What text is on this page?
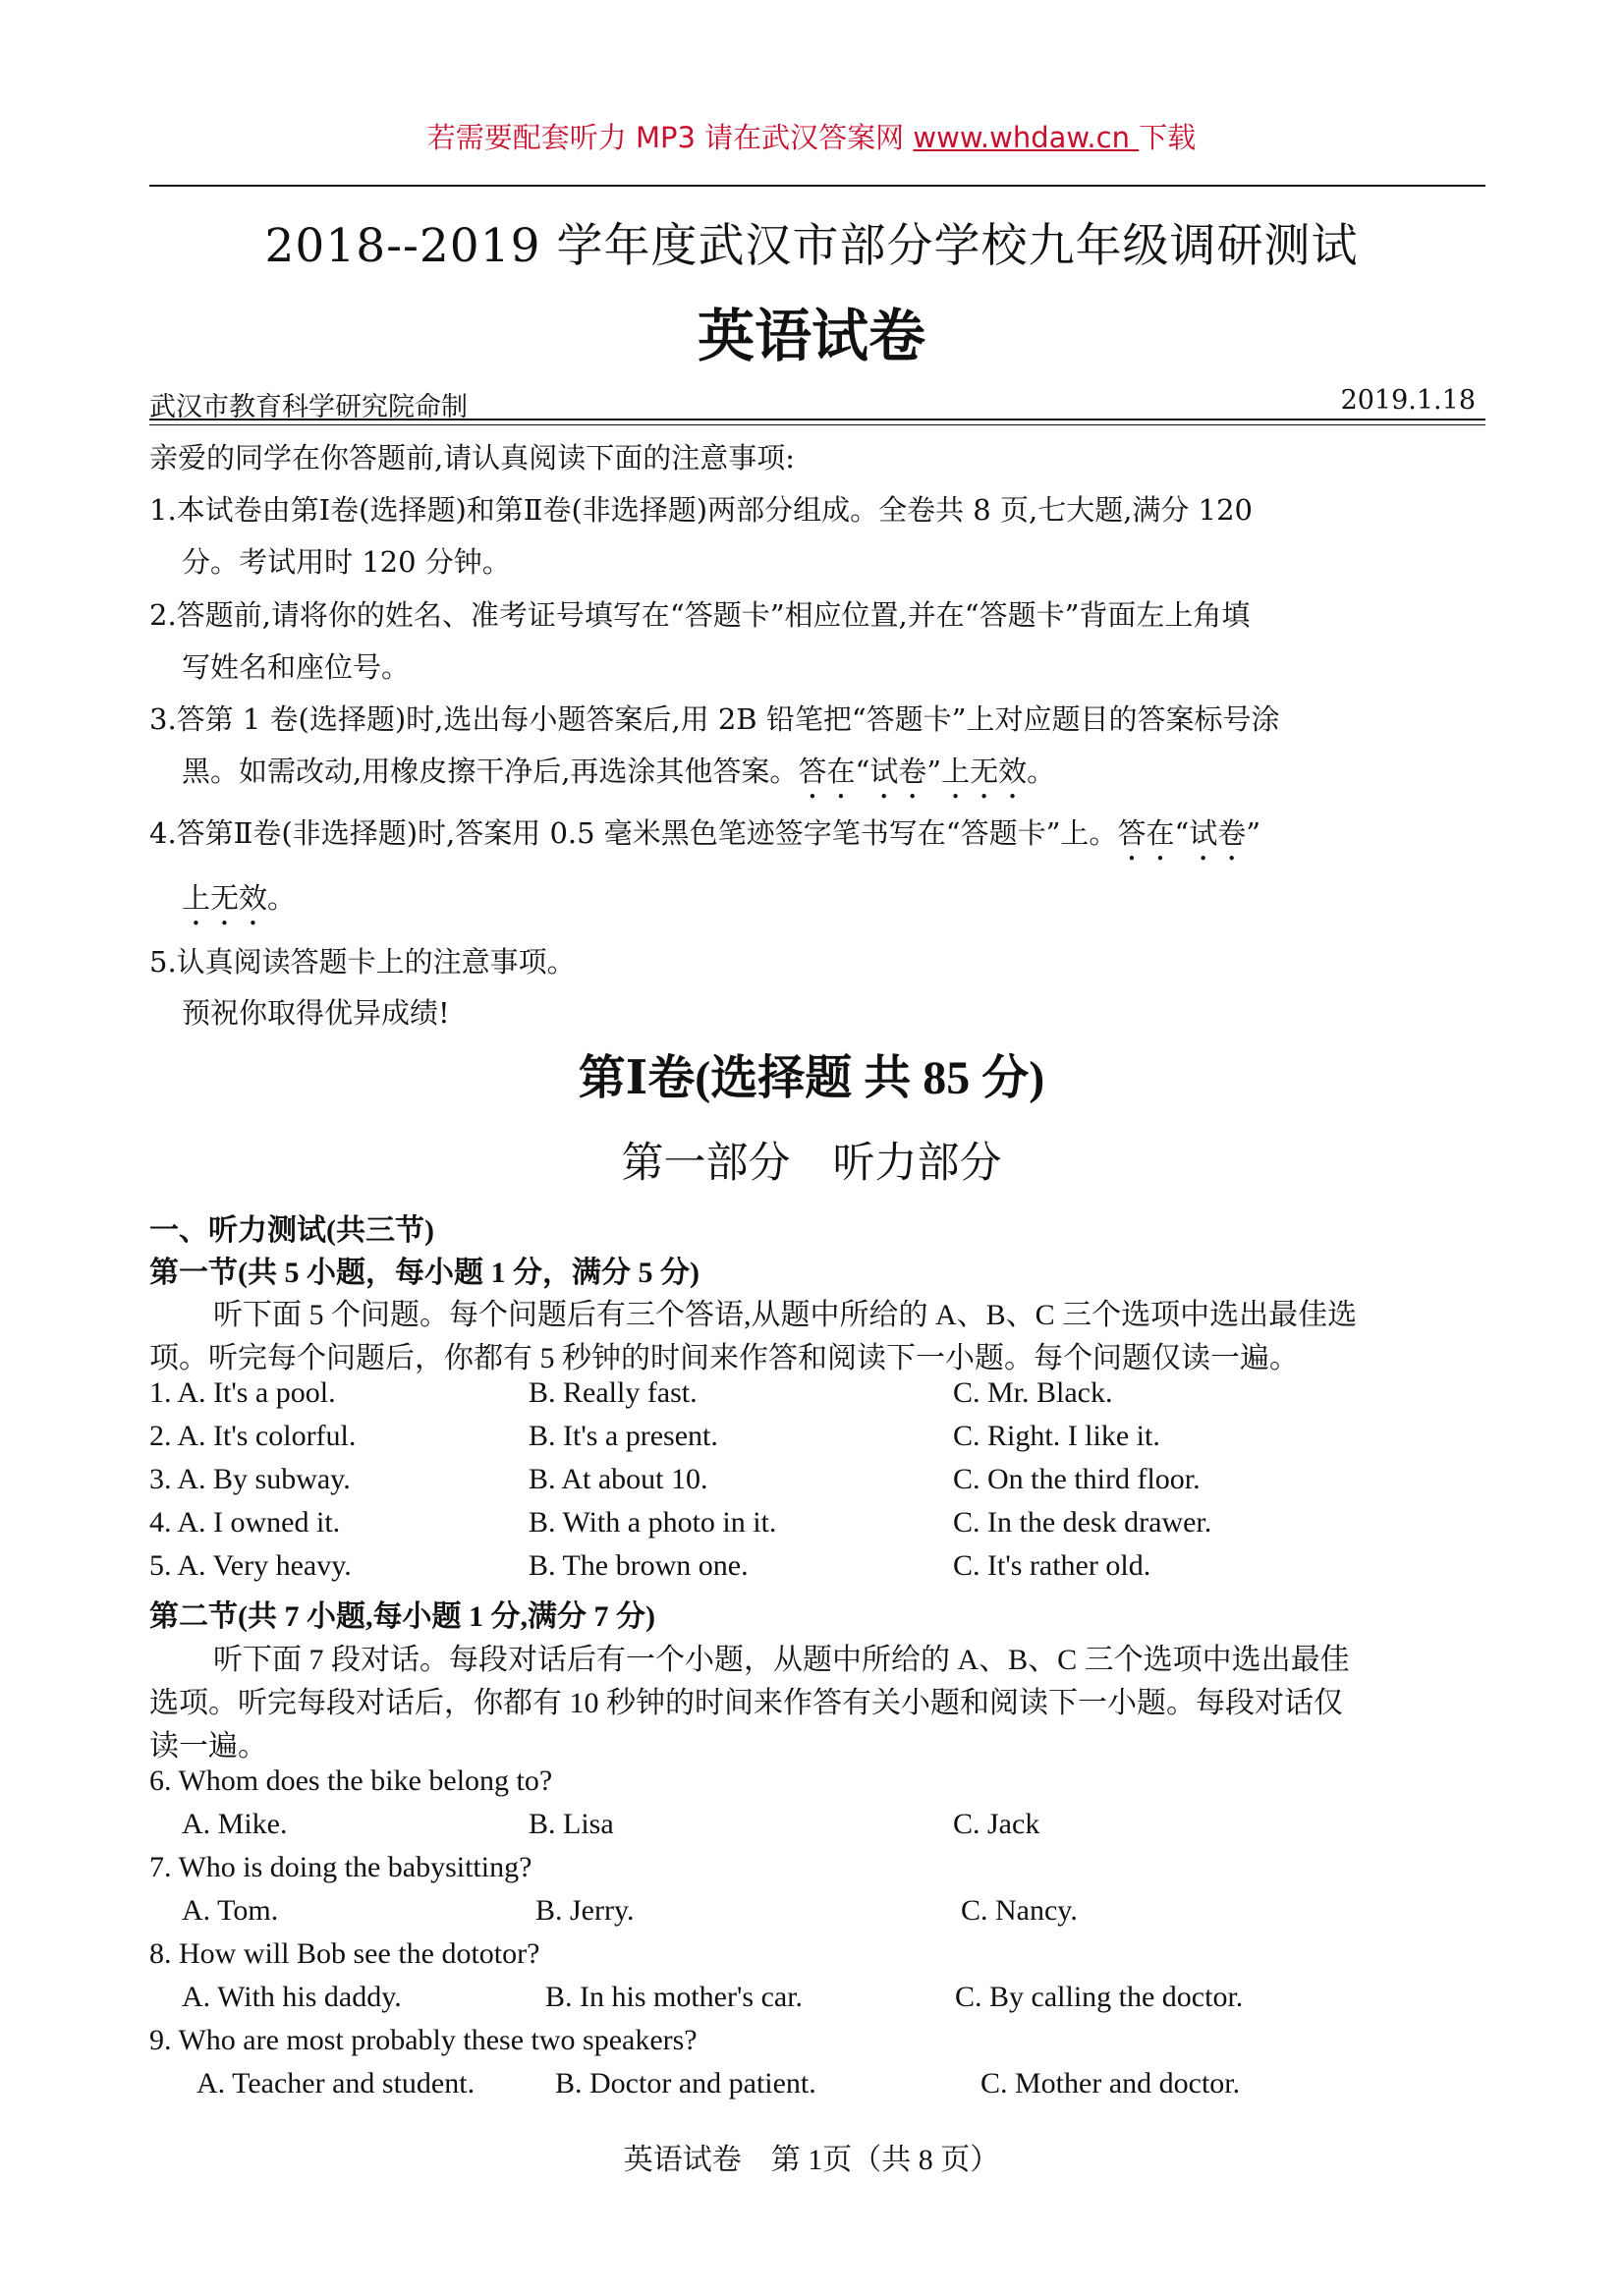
若需要配套听力 MP3 请在武汉答案网 www.whdaw.cn 下载
2018--2019 学年度武汉市部分学校九年级调研测试
英语试卷
武汉市教育科学研究院命制	2019.1.18
亲爱的同学在你答题前,请认真阅读下面的注意事项:
1.本试卷由第Ⅰ卷(选择题)和第Ⅱ卷(非选择题)两部分组成。全卷共 8 页,七大题,满分 120
分。考试用时 120 分钟。
2.答题前,请将你的姓名、准考证号填写在“答题卡”相应位置,并在“答题卡”背面左上角填
写姓名和座位号。
3.答第 1 卷(选择题)时,选出每小题答案后,用 2B 铅笔把“答题卡”上对应题目的答案标号涂
黑。如需改动,用橡皮擦干净后,再选涂其他答案。答在“试卷”上无效。
4.答第Ⅱ卷(非选择题)时,答案用 0.5 毫米黑色笔迹签字笔书写在“答题卡”上。答在“试卷”
上无效。
5.认真阅读答题卡上的注意事项。
预祝你取得优异成绩!
第Ⅰ卷(选择题 共 85 分)
第一部分　听力部分
一、听力测试(共三节)
第一节(共 5 小题，每小题 1 分，满分 5 分)
听下面 5 个问题。每个问题后有三个答语,从题中所给的 A、B、C 三个选项中选出最佳选
项。听完每个问题后，你都有 5 秒钟的时间来作答和阅读下一小题。每个问题仅读一遍。
1. A. It's a pool.	B. Really fast.	C. Mr. Black.
2. A. It's colorful.	B. It's a present.	C. Right. I like it.
3. A. By subway.	B. At about 10.	C. On the third floor.
4. A. I owned it.	B. With a photo in it.	C. In the desk drawer.
5. A. Very heavy.	B. The brown one.	C. It's rather old.
第二节(共 7 小题,每小题 1 分,满分 7 分)
听下面 7 段对话。每段对话后有一个小题，从题中所给的 A、B、C 三个选项中选出最佳
选项。听完每段对话后，你都有 10 秒钟的时间来作答有关小题和阅读下一小题。每段对话仅
读一遍。
6. Whom does the bike belong to?
A. Mike.	B. Lisa	C. Jack
7. Who is doing the babysitting?
A. Tom.	B. Jerry.	C. Nancy.
8. How will Bob see the dototor?
A. With his daddy.	B. In his mother's car.	C. By calling the doctor.
9. Who are most probably these two speakers?
A. Teacher and student.	B. Doctor and patient.	C. Mother and doctor.
英语试卷　第 1页（共 8 页）
